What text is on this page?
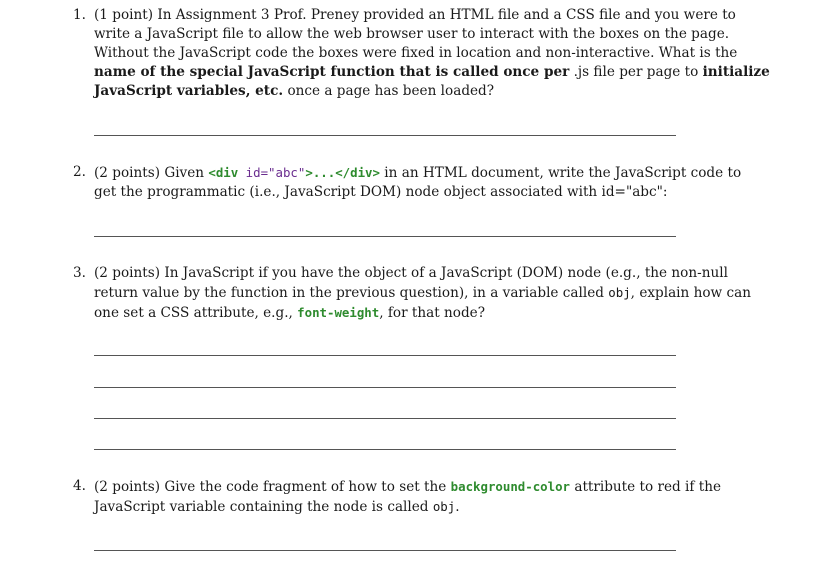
1. (1 point) In Assignment 3 Prof. Preney provided an HTML file and a CSS file and you were to
write a JavaScript file to allow the web browser user to interact with the boxes on the page.
Without the JavaScript code the boxes were fixed in location and non-interactive. What is the
name of the special JavaScript function that is called once per .js file per page to initialize
JavaScript variables, etc. once a page has been loaded?
2. (2 points) Given <div id="abc">...</div> in an HTML document, write the JavaScript code to
get the programmatic (i.e., JavaScript DOM) node object associated with id="abc":
3. (2 points) In JavaScript if you have the object of a JavaScript (DOM) node (e.g., the non-null
return value by the function in the previous question), in a variable called obj, explain how can
one set a CSS attribute, e.g., font-weight, for that node?
4. (2 points) Give the code fragment of how to set the background-color attribute to red if the
JavaScript variable containing the node is called obj.
